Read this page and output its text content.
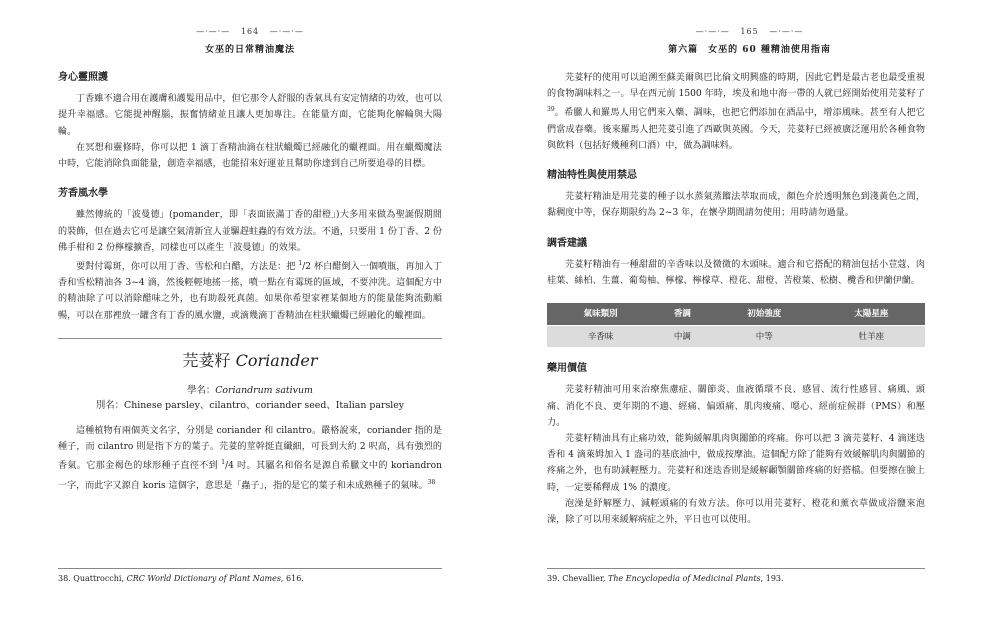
—·—·—   164   —·—·—
女巫的日常精油魔法
身心靈照護

丁香雖不適合用在護膚和護髮用品中，但它那令人舒服的香氣具有安定情緒的功效，也可以提升幸福感。它能提神醒腦，振奮情緒並且讓人更加專注。在能量方面，它能夠化解輪與大陽輪。

在冥想和靈修時，你可以把 1 滴丁香精油滴在柱狀蠟燭已經融化的蠟裡面。用在蠟燭魔法中時，它能消除負面能量，創造幸福感，也能招來好運並且幫助你達到自己所要追尋的目標。

芳香風水學

雖然傳統的「波曼德」(pomander，即「表面嵌滿丁香的甜橙」)大多用來做為聖誕假期間的裝飾，但在過去它可是讓空氣清新宜人並驅趕蛀蟲的有效方法。不過，只要用 1 份丁香、2 份佛手柑和 2 份檸檬擴香，同樣也可以產生「波曼德」的效果。

要對付霉斑，你可以用丁香、雪松和白醋，方法是：把 $^1$/2 杯白醋倒入一個噴瓶，再加入丁香和雪松精油各 3~4 滴，然後輕輕地搖一搖，噴一點在有霉斑的區域，不要沖洗。這個配方中的精油除了可以消除醋味之外，也有助殺死真菌。如果你希望家裡某個地方的能量能夠流動順暢，可以在那裡放一罐含有丁香的風水鹽，或滴幾滴丁香精油在柱狀蠟燭已經融化的蠟裡面。

芫荽籽 Coriander
學名：Coriandrum sativum
別名：Chinese parsley、cilantro、coriander seed、Italian parsley

這種植物有兩個英文名字，分別是 coriander 和 cilantro。嚴格說來，coriander 指的是種子，而 cilantro 則是指下方的葉子。芫荽的莖幹挺直纖細，可長到大約 2 呎高，具有強烈的香氣。它那金褐色的球形種子直徑不到 $^1$/4 吋。其屬名和俗名是源自希臘文中的 koriandron 一字，而此字又源自 koris 這個字，意思是「蟲子」，指的是它的葉子和未成熟種子的氣味。$^{38}$

38. Quattrocchi, CRC World Dictionary of Plant Names, 616.
—·—·—   165   —·—·—
第六篇　女巫的 60 種精油使用指南

芫荽籽的使用可以追溯至蘇美爾與巴比倫文明興盛的時期，因此它們是最古老也最受重視的食物調味料之一。早在西元前 1500 年時，埃及和地中海一帶的人就已經開始使用芫荽籽了$^{39}$。希臘人和羅馬人用它們來入藥、調味，也把它們添加在酒品中，增添風味。甚至有人把它們當成春藥。後來羅馬人把芫荽引進了西歐與英國。今天，芫荽籽已經被廣泛運用於各種食物與飲料（包括好幾種利口酒）中，做為調味料。

精油特性與使用禁忌

芫荽籽精油是用芫荽的種子以水蒸氣蒸餾法萃取而成，顏色介於透明無色到淺黃色之間，黏稠度中等，保存期限約為 2~3 年，在懷孕期間請勿使用；用時請勿過量。

調香建議

芫荽籽精油有一種甜甜的辛香味以及微微的木頭味。適合和它搭配的精油包括小荳蔻、肉桂葉、絲柏、生薑、葡萄柚、檸檬、檸檬草、橙花、甜橙、苦橙葉、松樹、欖香和伊蘭伊蘭。

氣味類別	香調	初始強度	太陽星座
辛香味	中調	中等	牡羊座
藥用價值

芫荽籽精油可用來治療焦慮症、關節炎、血液循環不良、感冒、流行性感冒、痛風、頭痛、消化不良、更年期的不適、經痛、偏頭痛、肌肉痠痛、噁心、經前症候群（PMS）和壓力。

芫荽籽精油具有止痛功效，能夠緩解肌肉與關節的疼痛。你可以把 3 滴芫荽籽、4 滴迷迭香和 4 滴萊姆加入 1 盎司的基底油中，做成按摩油。這個配方除了能夠有效緩解肌肉與關節的疼痛之外，也有助減輕壓力。芫荽籽和迷迭香則是緩解顳顎關節疼痛的好搭檔。但要擦在臉上時，一定要稀釋成 1% 的濃度。

泡澡是紓解壓力、減輕頭痛的有效方法。你可以用芫荽籽、橙花和薰衣草做成浴鹽來泡澡，除了可以用來緩解病症之外，平日也可以使用。

39. Chevallier, The Encyclopedia of Medicinal Plants, 193.
